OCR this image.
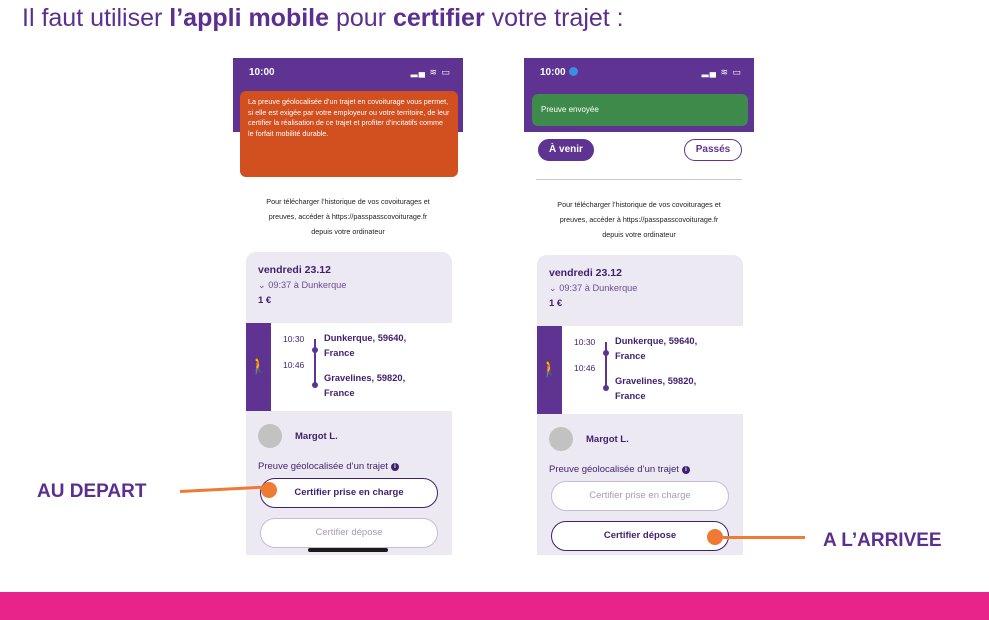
Il faut utiliser l’appli mobile pour certifier votre trajet :
10:00	▂▄ ≋ ▭
La preuve géolocalisée d’un trajet en covoiturage vous permet, si elle est exigée par votre employeur ou votre territoire, de leur certifier la réalisation de ce trajet et profiter d’incitatifs comme le forfait mobilité durable.
Pour télécharger l’historique de vos covoiturages et
preuves, accéder à https://passpasscovoiturage.fr
depuis votre ordinateur
vendredi 23.12
⌄ 09:37 à Dunkerque
1 €
🚶
10:30
10:46
Dunkerque, 59640,
France
Gravelines, 59820,
France
Margot L.
Preuve géolocalisée d’un trajet i
Certifier prise en charge
Certifier dépose
10:00	▂▄ ≋ ▭
Preuve envoyée
À venir	Passés
Pour télécharger l’historique de vos covoiturages et
preuves, accéder à https://passpasscovoiturage.fr
depuis votre ordinateur
vendredi 23.12
⌄ 09:37 à Dunkerque
1 €
🚶
10:30
10:46
Dunkerque, 59640,
France
Gravelines, 59820,
France
Margot L.
Preuve géolocalisée d’un trajet i
Certifier prise en charge
Certifier dépose
AU DEPART
A L’ARRIVEE
